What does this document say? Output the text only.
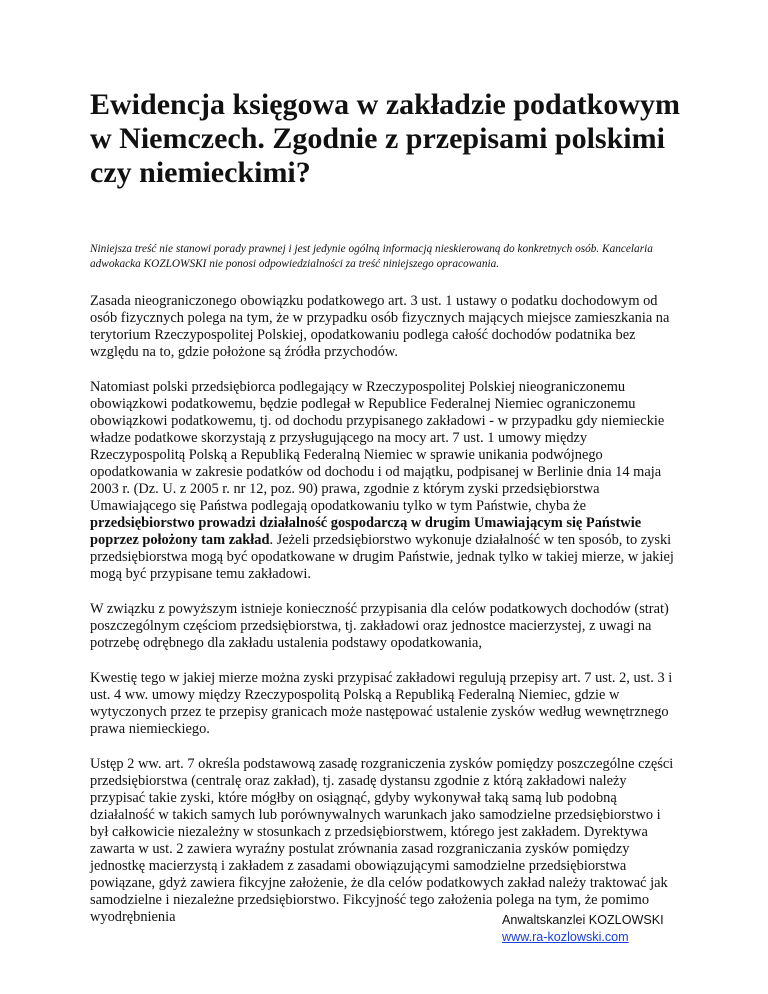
Ewidencja księgowa w zakładzie podatkowym w Niemczech. Zgodnie z przepisami polskimi czy niemieckimi?

Niniejsza treść nie stanowi porady prawnej i jest jedynie ogólną informacją nieskierowaną do konkretnych osób. Kancelaria adwokacka KOZLOWSKI nie ponosi odpowiedzialności za treść niniejszego opracowania.

Zasada nieograniczonego obowiązku podatkowego art. 3 ust. 1 ustawy o podatku dochodowym od osób fizycznych polega na tym, że w przypadku osób fizycznych mających miejsce zamieszkania na terytorium Rzeczypospolitej Polskiej, opodatkowaniu podlega całość dochodów podatnika bez względu na to, gdzie położone są źródła przychodów.

Natomiast polski przedsiębiorca podlegający w Rzeczypospolitej Polskiej nieograniczonemu obowiązkowi podatkowemu, będzie podlegał w Republice Federalnej Niemiec ograniczonemu obowiązkowi podatkowemu, tj. od dochodu przypisanego zakładowi - w przypadku gdy niemieckie władze podatkowe skorzystają z przysługującego na mocy art. 7 ust. 1 umowy między Rzeczypospolitą Polską a Republiką Federalną Niemiec w sprawie unikania podwójnego opodatkowania w zakresie podatków od dochodu i od majątku, podpisanej w Berlinie dnia 14 maja 2003 r. (Dz. U. z 2005 r. nr 12, poz. 90) prawa, zgodnie z którym zyski przedsiębiorstwa Umawiającego się Państwa podlegają opodatkowaniu tylko w tym Państwie, chyba że przedsiębiorstwo prowadzi działalność gospodarczą w drugim Umawiającym się Państwie poprzez położony tam zakład. Jeżeli przedsiębiorstwo wykonuje działalność w ten sposób, to zyski przedsiębiorstwa mogą być opodatkowane w drugim Państwie, jednak tylko w takiej mierze, w jakiej mogą być przypisane temu zakładowi.

W związku z powyższym istnieje konieczność przypisania dla celów podatkowych dochodów (strat) poszczególnym częściom przedsiębiorstwa, tj. zakładowi oraz jednostce macierzystej, z uwagi na potrzebę odrębnego dla zakładu ustalenia podstawy opodatkowania,

Kwestię tego w jakiej mierze można zyski przypisać zakładowi regulują przepisy art. 7 ust. 2, ust. 3 i ust. 4 ww. umowy między Rzeczypospolitą Polską a Republiką Federalną Niemiec, gdzie w wytyczonych przez te przepisy granicach może następować ustalenie zysków według wewnętrznego prawa niemieckiego.

Ustęp 2 ww. art. 7 określa podstawową zasadę rozgraniczenia zysków pomiędzy poszczególne części przedsiębiorstwa (centralę oraz zakład), tj. zasadę dystansu zgodnie z którą zakładowi należy przypisać takie zyski, które mógłby on osiągnąć, gdyby wykonywał taką samą lub podobną działalność w takich samych lub porównywalnych warunkach jako samodzielne przedsiębiorstwo i był całkowicie niezależny w stosunkach z przedsiębiorstwem, którego jest zakładem. Dyrektywa zawarta w ust. 2 zawiera wyraźny postulat zrównania zasad rozgraniczania zysków pomiędzy jednostkę macierzystą i zakładem z zasadami obowiązującymi samodzielne przedsiębiorstwa powiązane, gdyż zawiera fikcyjne założenie, że dla celów podatkowych zakład należy traktować jak samodzielne i niezależne przedsiębiorstwo. Fikcyjność tego założenia polega na tym, że pomimo wyodrębnienia	Anwaltskanzlei KOZLOWSKI
www.ra-kozlowski.com
